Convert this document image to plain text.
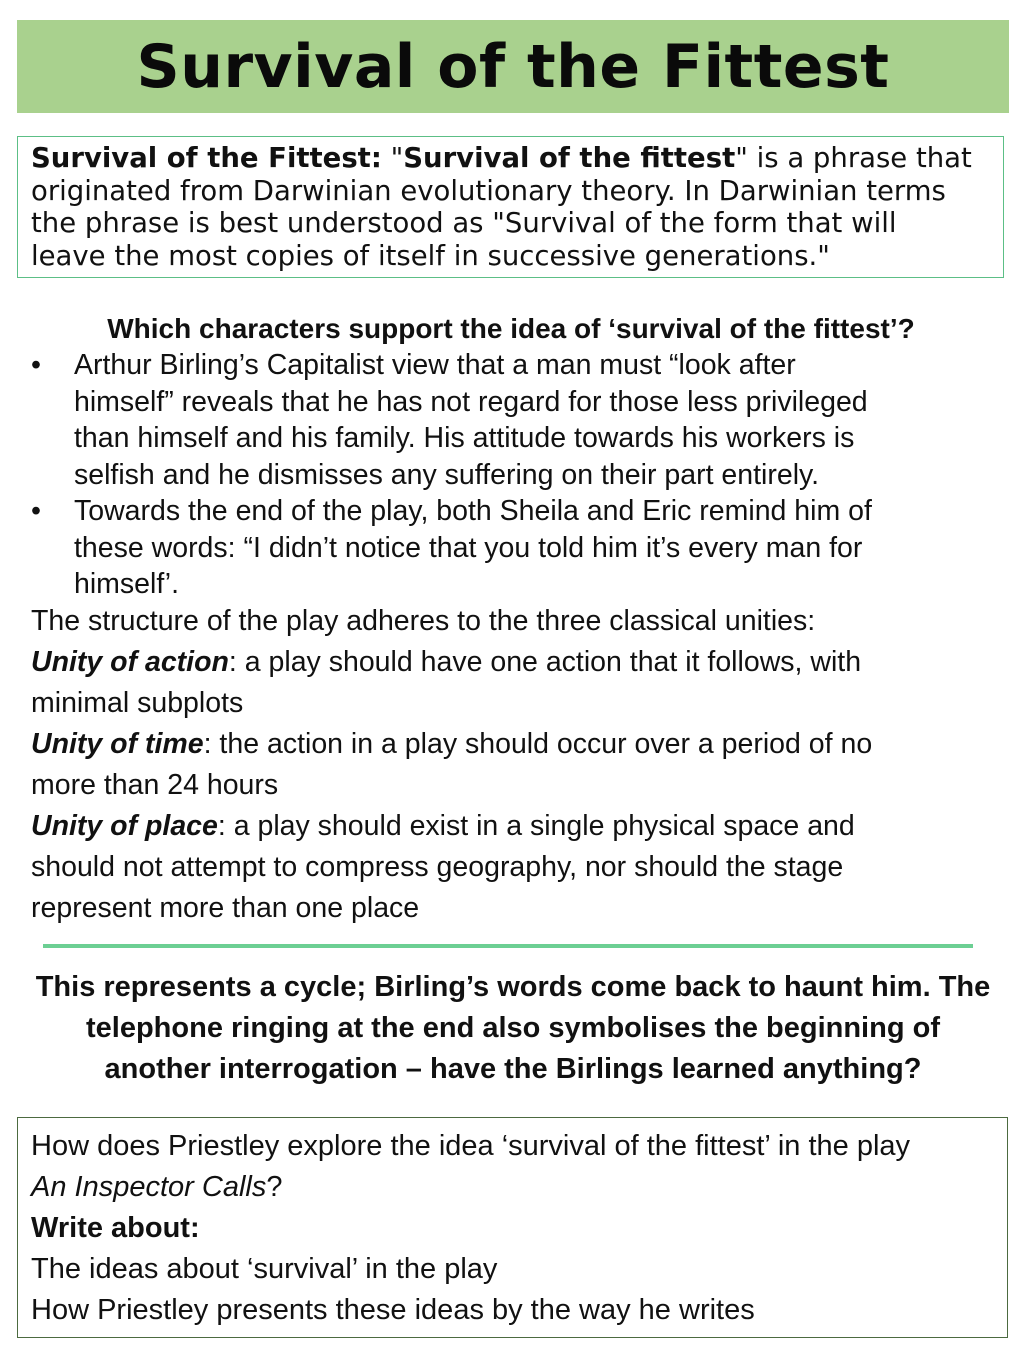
Survival of the Fittest
Survival of the Fittest: "Survival of the fittest" is a phrase that
originated from Darwinian evolutionary theory. In Darwinian terms
the phrase is best understood as "Survival of the form that will
leave the most copies of itself in successive generations."

Which characters support the idea of ‘survival of the fittest’?

• Arthur Birling’s Capitalist view that a man must “look after
himself” reveals that he has not regard for those less privileged
than himself and his family. His attitude towards his workers is
selfish and he dismisses any suffering on their part entirely.
• Towards the end of the play, both Sheila and Eric remind him of
these words: “I didn’t notice that you told him it’s every man for
himself’.
The structure of the play adheres to the three classical unities:
Unity of action: a play should have one action that it follows, with
minimal subplots
Unity of time: the action in a play should occur over a period of no
more than 24 hours
Unity of place: a play should exist in a single physical space and
should not attempt to compress geography, nor should the stage
represent more than one place
This represents a cycle; Birling’s words come back to haunt him. The
telephone ringing at the end also symbolises the beginning of
another interrogation – have the Birlings learned anything?
How does Priestley explore the idea ‘survival of the fittest’ in the play
An Inspector Calls?
Write about:
The ideas about ‘survival’ in the play
How Priestley presents these ideas by the way he writes
